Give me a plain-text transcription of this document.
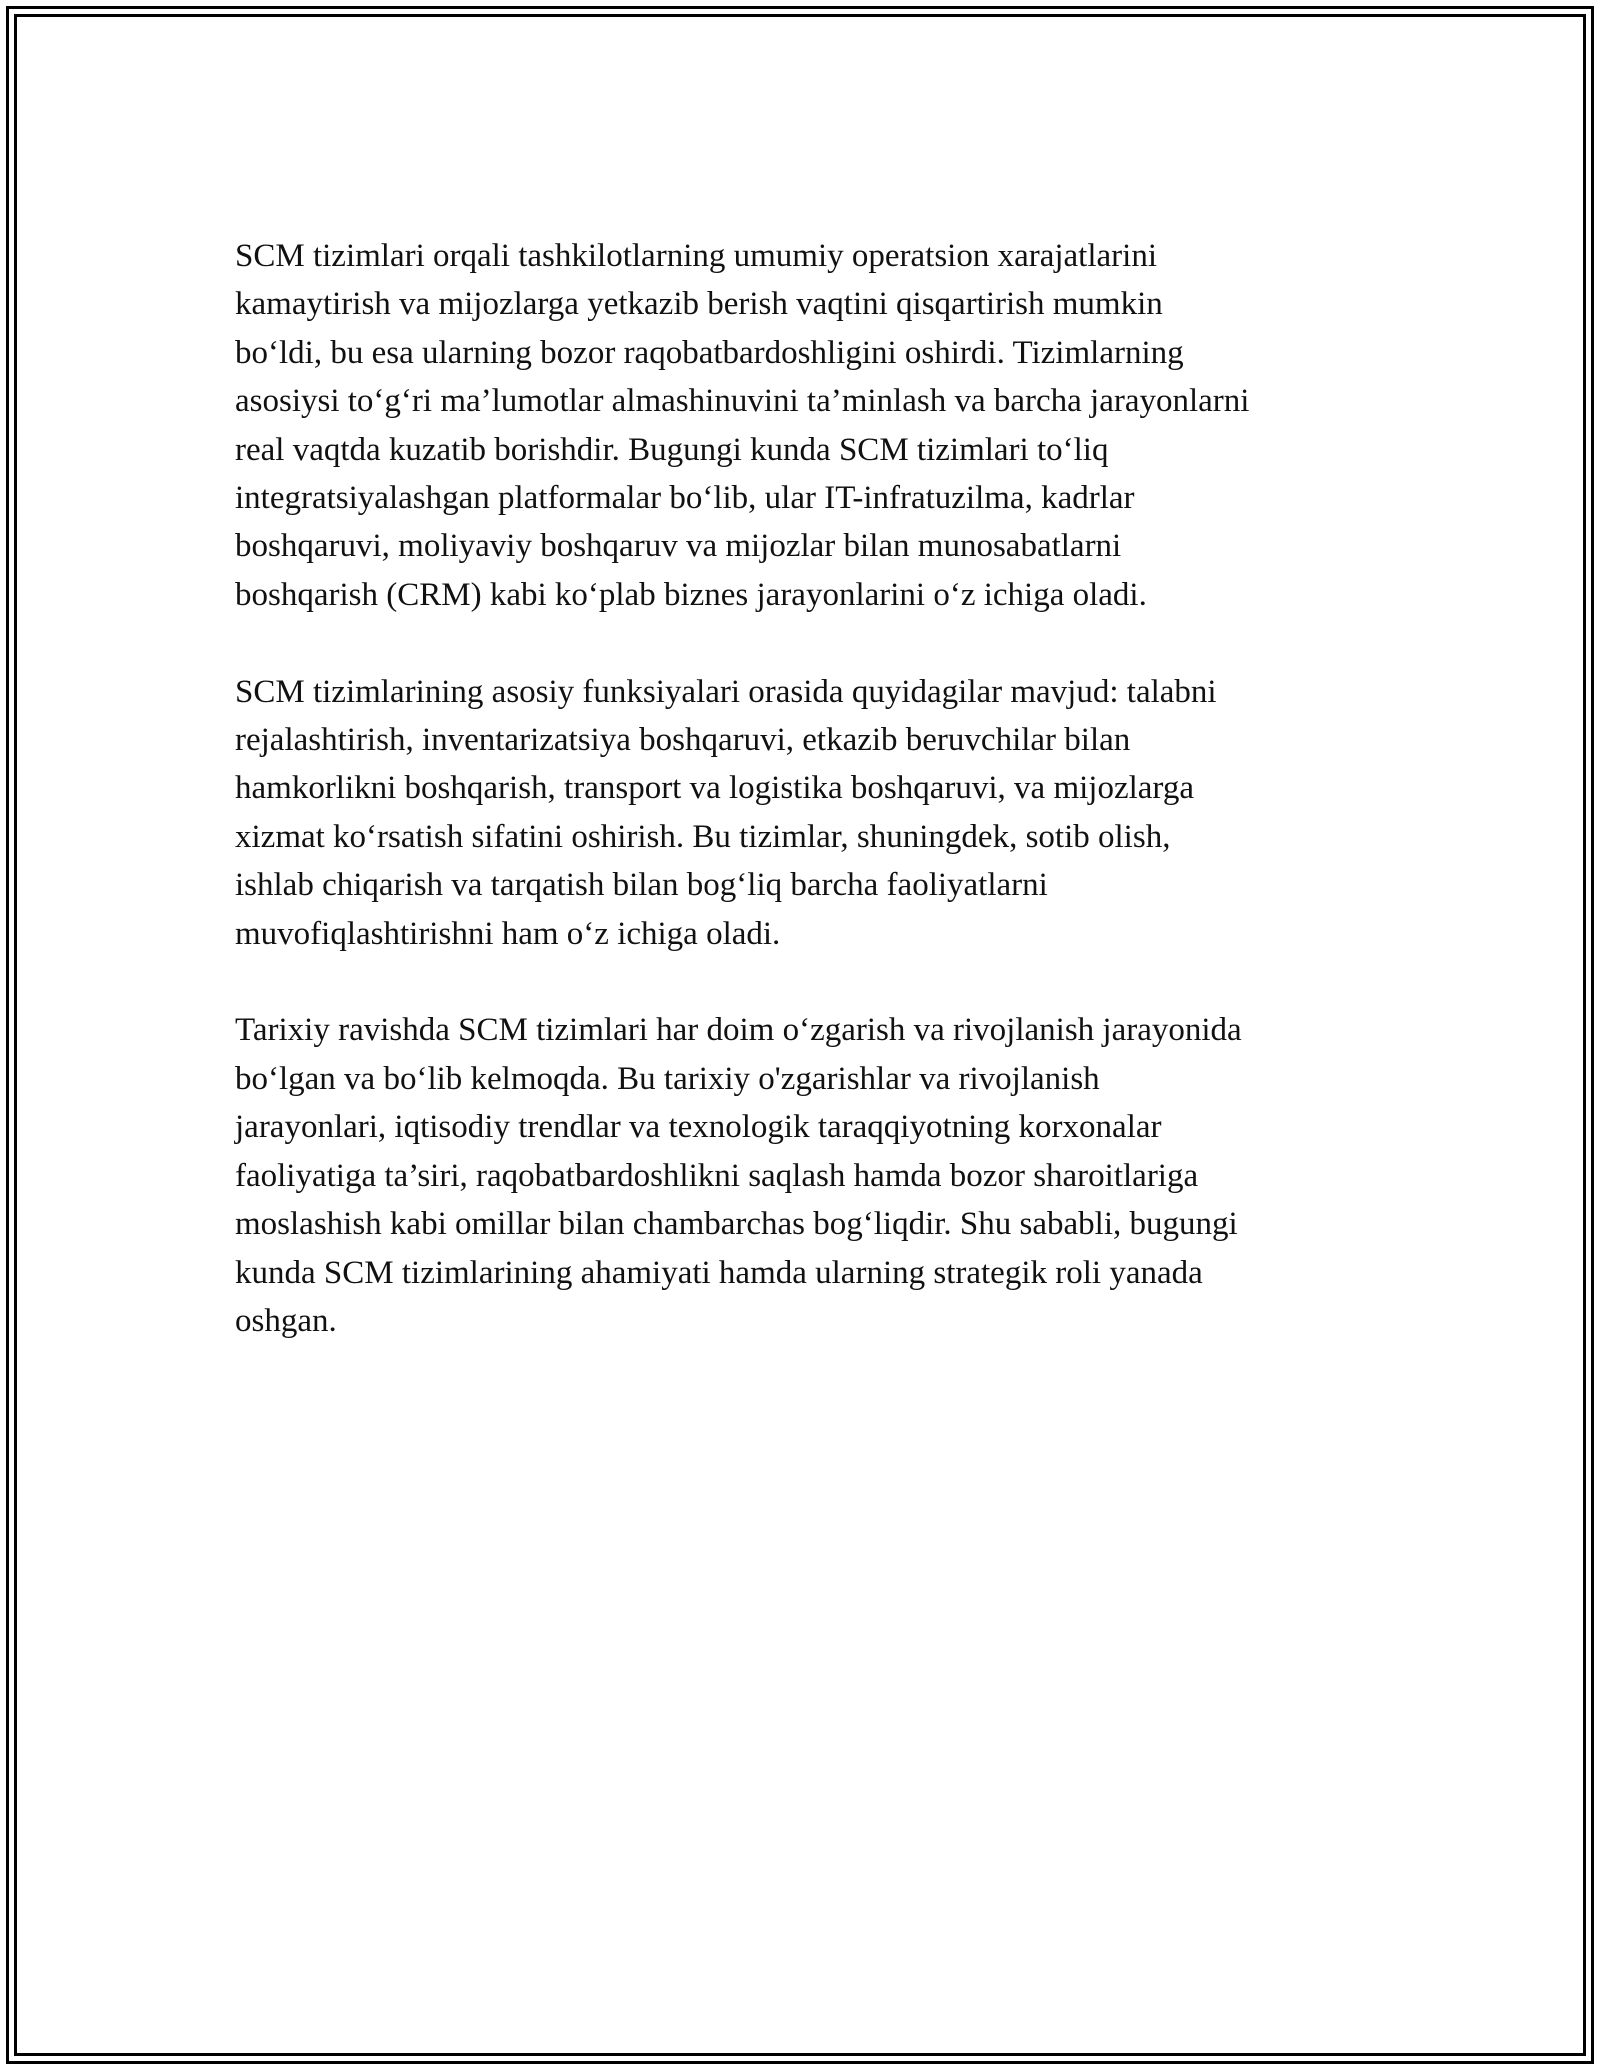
SCM tizimlari orqali tashkilotlarning umumiy operatsion xarajatlarini
kamaytirish va mijozlarga yetkazib berish vaqtini qisqartirish mumkin
bo‘ldi, bu esa ularning bozor raqobatbardoshligini oshirdi. Tizimlarning
asosiysi to‘g‘ri ma’lumotlar almashinuvini ta’minlash va barcha jarayonlarni
real vaqtda kuzatib borishdir. Bugungi kunda SCM tizimlari to‘liq
integratsiyalashgan platformalar bo‘lib, ular IT-infratuzilma, kadrlar
boshqaruvi, moliyaviy boshqaruv va mijozlar bilan munosabatlarni
boshqarish (CRM) kabi ko‘plab biznes jarayonlarini o‘z ichiga oladi.

SCM tizimlarining asosiy funksiyalari orasida quyidagilar mavjud: talabni
rejalashtirish, inventarizatsiya boshqaruvi, etkazib beruvchilar bilan
hamkorlikni boshqarish, transport va logistika boshqaruvi, va mijozlarga
xizmat ko‘rsatish sifatini oshirish. Bu tizimlar, shuningdek, sotib olish,
ishlab chiqarish va tarqatish bilan bog‘liq barcha faoliyatlarni
muvofiqlashtirishni ham o‘z ichiga oladi.

Tarixiy ravishda SCM tizimlari har doim o‘zgarish va rivojlanish jarayonida
bo‘lgan va bo‘lib kelmoqda. Bu tarixiy o'zgarishlar va rivojlanish
jarayonlari, iqtisodiy trendlar va texnologik taraqqiyotning korxonalar
faoliyatiga ta’siri, raqobatbardoshlikni saqlash hamda bozor sharoitlariga
moslashish kabi omillar bilan chambarchas bog‘liqdir. Shu sababli, bugungi
kunda SCM tizimlarining ahamiyati hamda ularning strategik roli yanada
oshgan.
